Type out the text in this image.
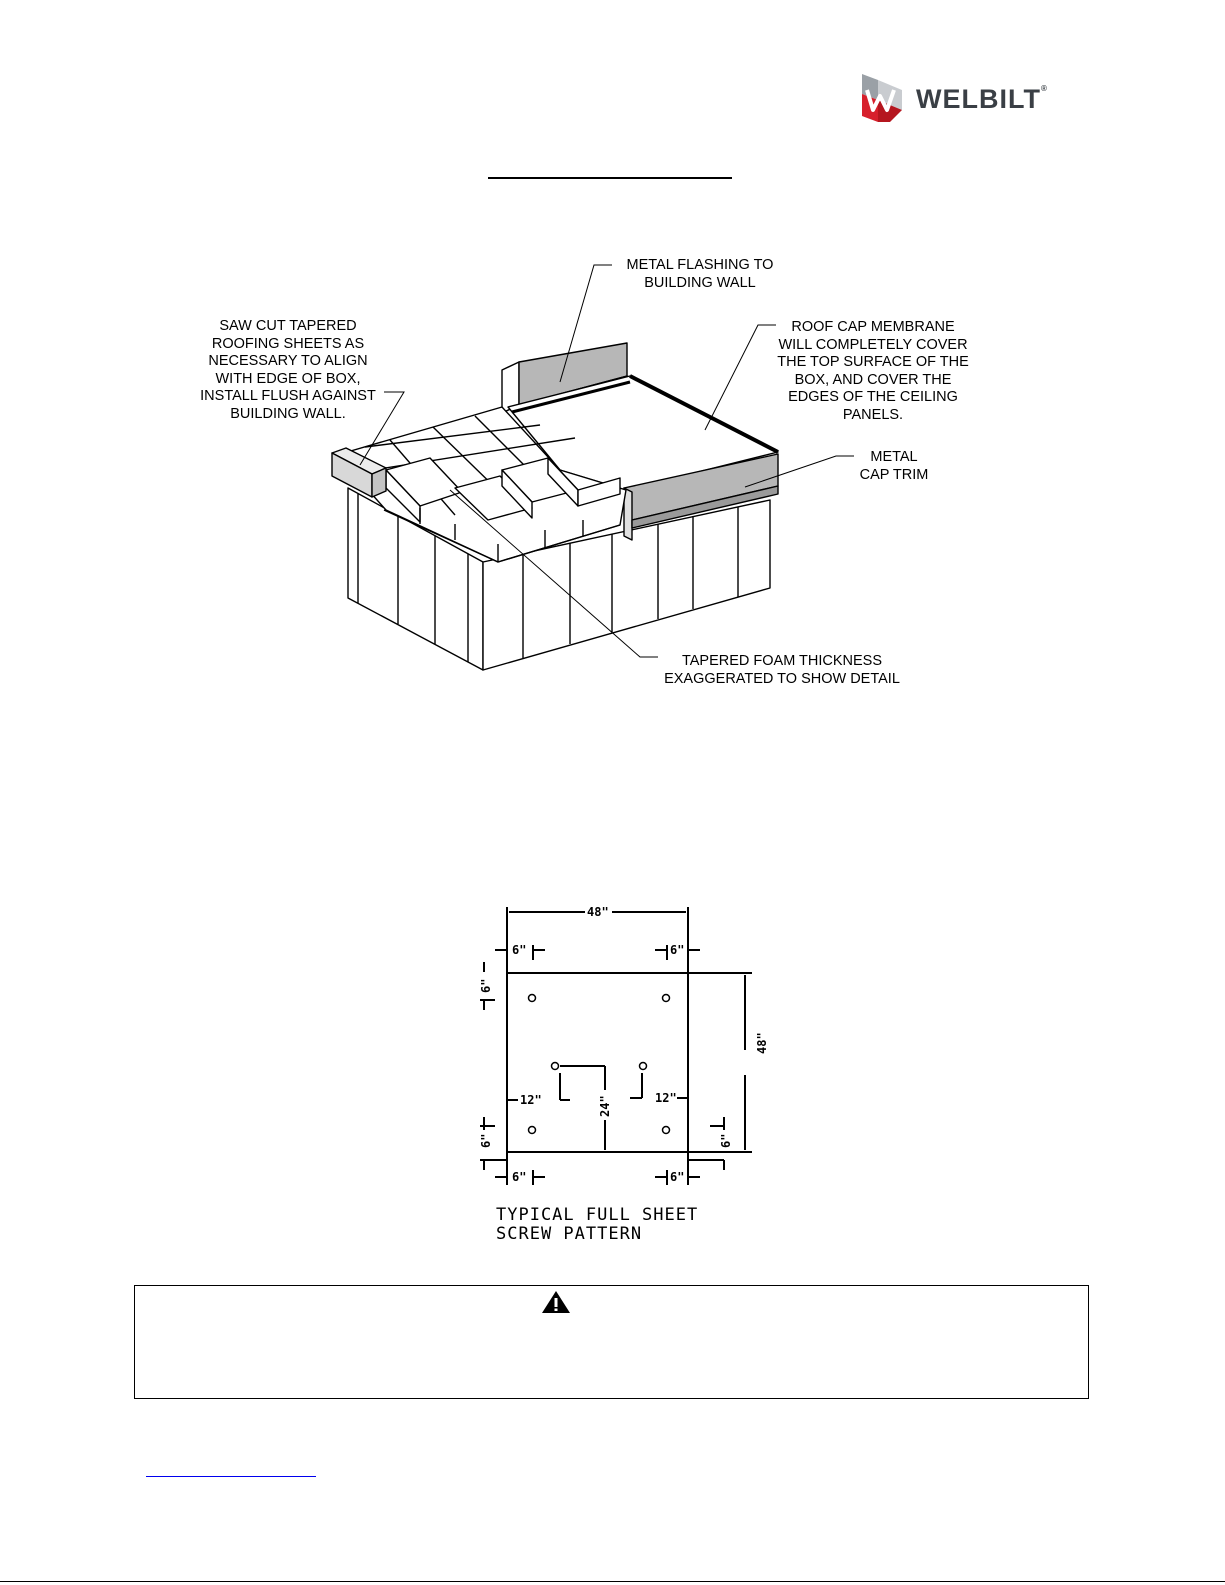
WELBILT®
SAW CUT TAPERED
ROOFING SHEETS AS
NECESSARY TO ALIGN
WITH EDGE OF BOX,
INSTALL FLUSH AGAINST
BUILDING WALL.
METAL FLASHING TO
BUILDING WALL
ROOF CAP MEMBRANE
WILL COMPLETELY COVER
THE TOP SURFACE OF THE
BOX, AND COVER THE
EDGES OF THE CEILING
PANELS.
METAL
CAP TRIM
TAPERED FOAM THICKNESS
EXAGGERATED TO SHOW DETAIL
48"
48"
6"	6"
6"
6"	6"
6"	6"
12"	12"
24"
TYPICAL FULL SHEET
SCREW PATTERN
